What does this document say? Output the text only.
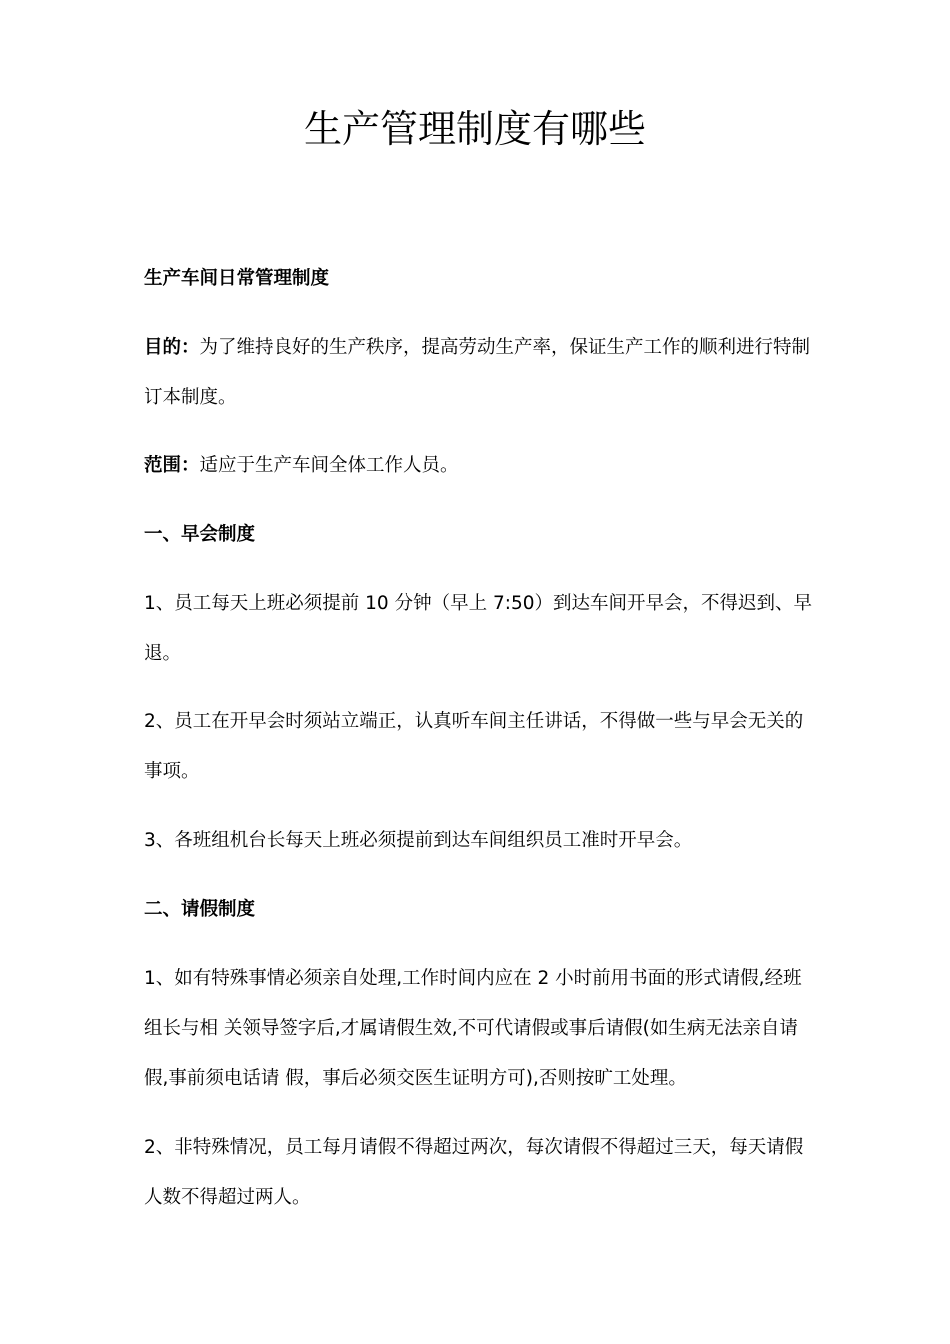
生产管理制度有哪些

生产车间日常管理制度

目的：为了维持良好的生产秩序，提高劳动生产率，保证生产工作的顺利进行特制订本制度。

范围：适应于生产车间全体工作人员。

一、早会制度

1、员工每天上班必须提前 10 分钟（早上 7:50）到达车间开早会，不得迟到、早退。

2、员工在开早会时须站立端正，认真听车间主任讲话，不得做一些与早会无关的事项。

3、各班组机台长每天上班必须提前到达车间组织员工准时开早会。

二、请假制度

1、如有特殊事情必须亲自处理,工作时间内应在 2 小时前用书面的形式请假,经班组长与相 关领导签字后,才属请假生效,不可代请假或事后请假(如生病无法亲自请假,事前须电话请 假，事后必须交医生证明方可),否则按旷工处理。

2、非特殊情况，员工每月请假不得超过两次，每次请假不得超过三天，每天请假人数不得超过两人。
